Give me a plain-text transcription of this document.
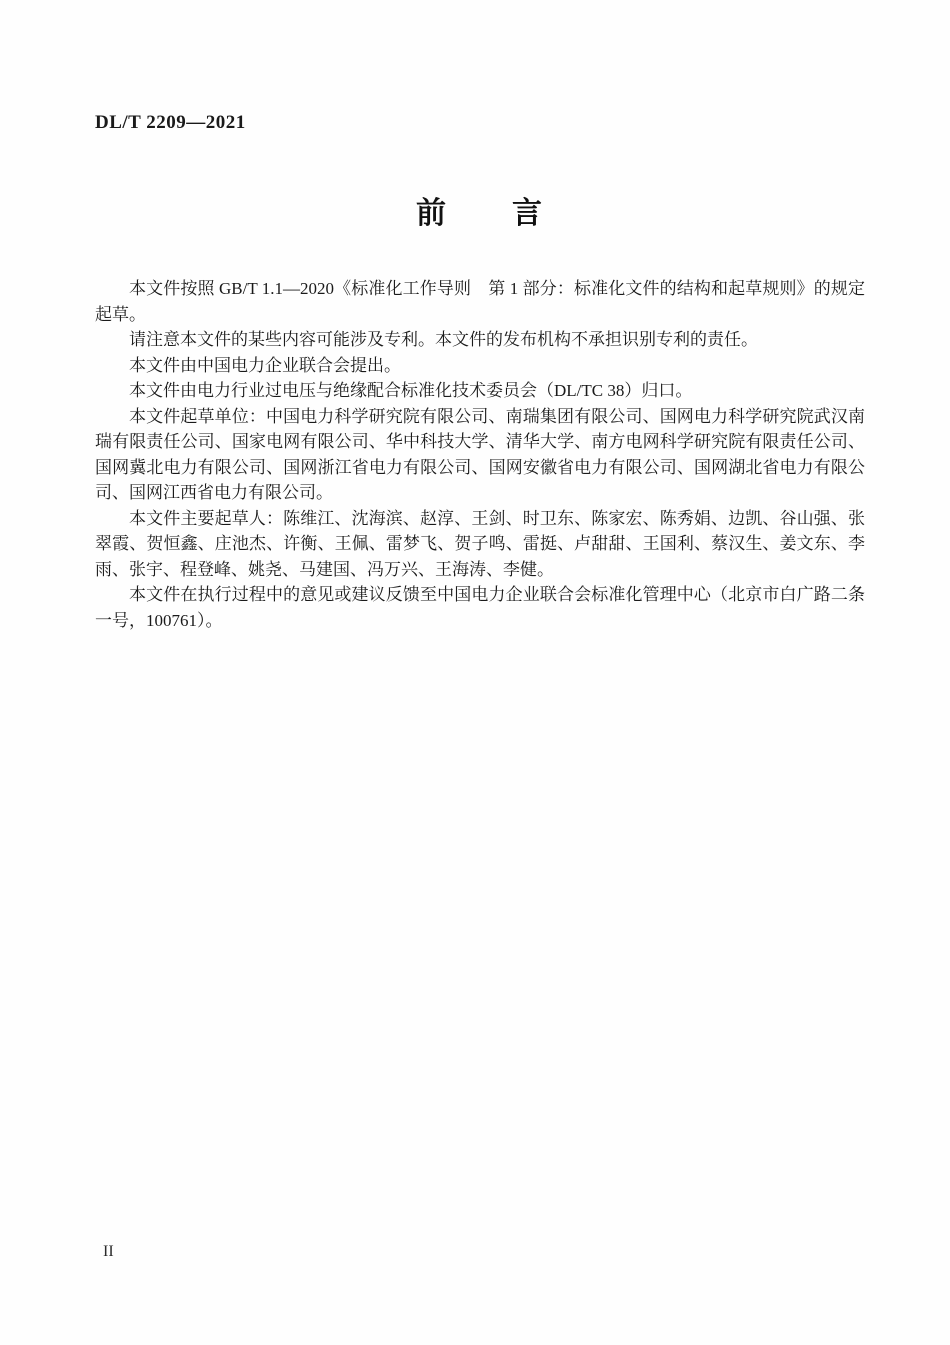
DL/T 2209—2021
前　　言

本文件按照 GB/T 1.1—2020《标准化工作导则　第 1 部分：标准化文件的结构和起草规则》的规定起草。

请注意本文件的某些内容可能涉及专利。本文件的发布机构不承担识别专利的责任。

本文件由中国电力企业联合会提出。

本文件由电力行业过电压与绝缘配合标准化技术委员会（DL/TC 38）归口。

本文件起草单位：中国电力科学研究院有限公司、南瑞集团有限公司、国网电力科学研究院武汉南瑞有限责任公司、国家电网有限公司、华中科技大学、清华大学、南方电网科学研究院有限责任公司、国网冀北电力有限公司、国网浙江省电力有限公司、国网安徽省电力有限公司、国网湖北省电力有限公司、国网江西省电力有限公司。

本文件主要起草人：陈维江、沈海滨、赵淳、王剑、时卫东、陈家宏、陈秀娟、边凯、谷山强、张翠霞、贺恒鑫、庄池杰、许衡、王佩、雷梦飞、贺子鸣、雷挺、卢甜甜、王国利、蔡汉生、姜文东、李雨、张宇、程登峰、姚尧、马建国、冯万兴、王海涛、李健。

本文件在执行过程中的意见或建议反馈至中国电力企业联合会标准化管理中心（北京市白广路二条一号，100761）。

II
